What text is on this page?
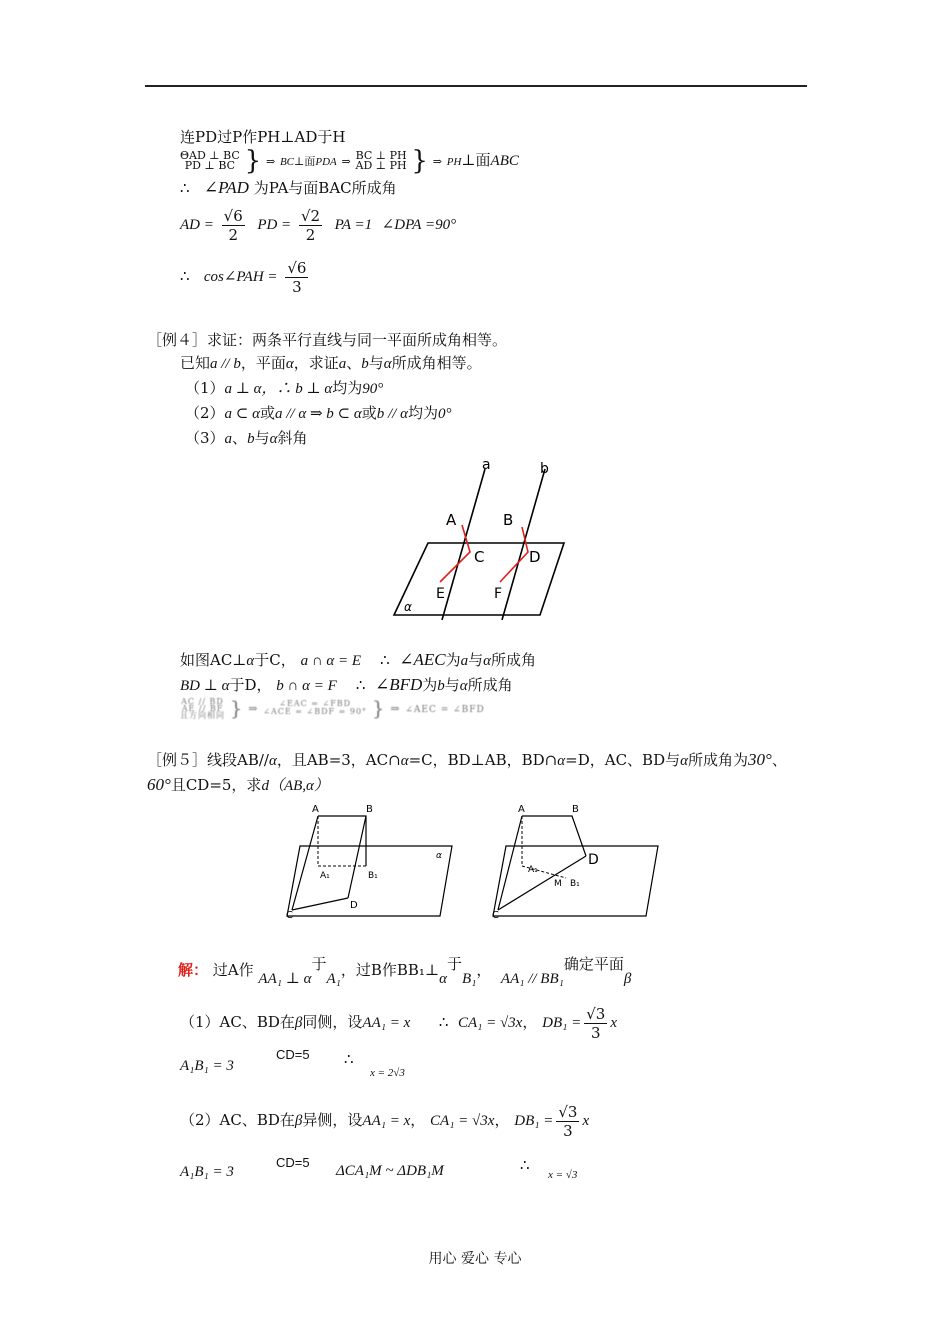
连PD过P作PH⊥AD于H
ΘAD ⊥ BC
PD ⊥ BC } ⇒ BC⊥面PDA ⇒ BC ⊥ PH
AD ⊥ PH } ⇒ PH⊥面ABC
∴ ∠PAD 为PA与面BAC所成角
AD = $\frac{√6}{2}$ PD = $\frac{√2}{2}$ PA =1 ∠DPA =90°
∴ cos∠PAH = $\frac{√6}{3}$
［例４］求证：两条平行直线与同一平面所成角相等。
已知a // b，平面α，求证a、b与α所成角相等。
（1）a ⊥ α，∴ b ⊥ α均为90°
（2）a ⊂ α或a // α ⇒ b ⊂ α或b // α均为0°
（3）a、b与α斜角
a	b
A	B
C	D
E	F
α
如图AC⊥α于C， a ∩ α = E ∴ ∠AEC为a与α所成角
BD ⊥ α于D， b ∩ α = F ∴ ∠BFD为b与α所成角
AC // BD
AE // BF
且方向相同 } ⇒	∠EAC = ∠FBD
∠ACE = ∠BDF = 90° } ⇒ ∠AEC = ∠BFD
［例５］线段AB//α，且AB=3，AC∩α=C，BD⊥AB，BD∩α=D，AC、BD与α所成角为30°、
60°且CD=5，求d（AB,α）
A	B
A₁	B₁
C
D
α
A	B
A₁
B₁
M
C
D
解： 过A作 AA₁ ⊥ α于A₁，过B作BB₁⊥α于B₁， AA₁ // BB₁确定平面β
（1）AC、BD在β同侧，设AA₁ = x ∴ CA₁ = √3x， $DB_1 = \frac{√3}{3}$ x
A₁B₁ = 3
CD=5 ∴
x = 2√3
（2）AC、BD在β异侧，设AA₁ = x， CA₁ = √3x， $DB_1 = \frac{√3}{3}$ x
A₁B₁ = 3
CD=5
ΔCA₁M ~ ΔDB₁M	∴
x = √3
用心 爱心 专心
